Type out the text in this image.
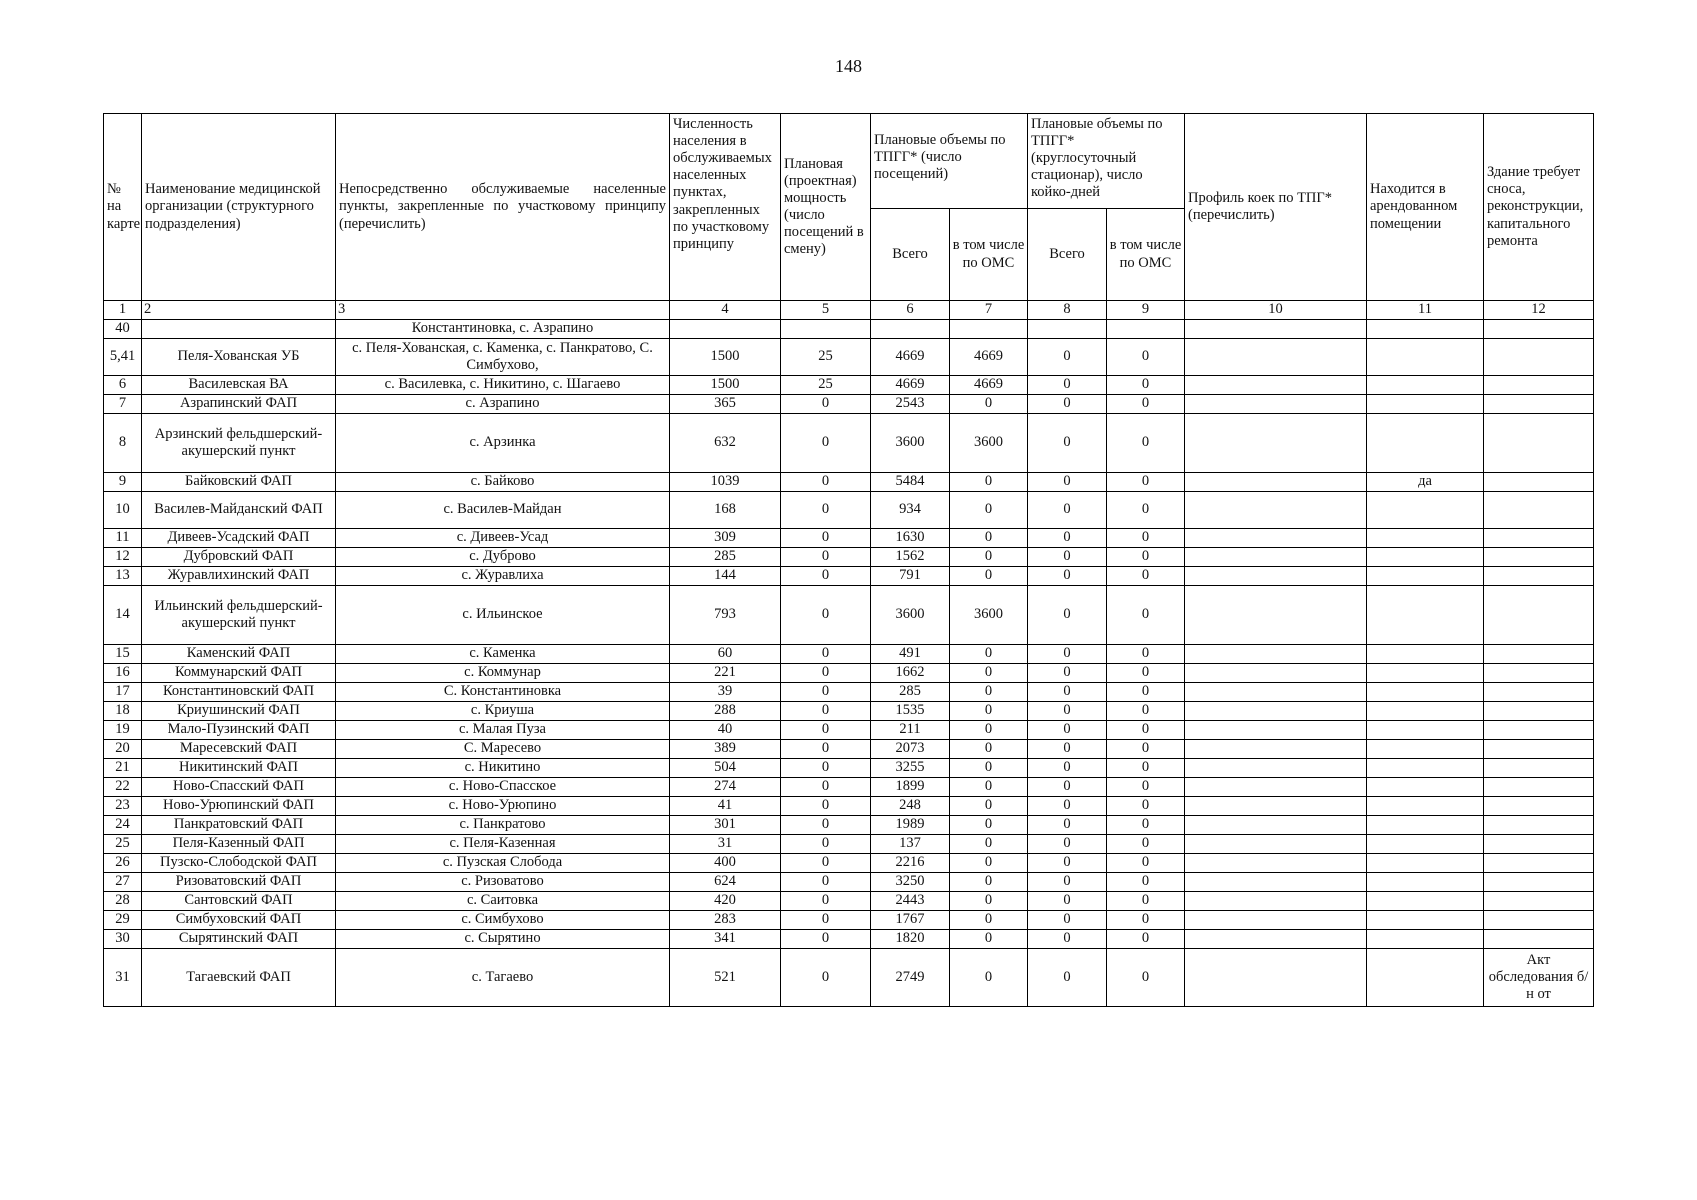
148
№ на карте	Наименование медицинской организации (структурного подразделения)	Непосредственно обслуживаемые населенные пункты, закрепленные по участковому принципу (перечислить)	Численность населения в обслуживаемых населенных пунктах, закрепленных по участковому принципу	Плановая (проектная) мощность (число посещений в смену)	Плановые объемы по ТПГГ* (число посещений)		Плановые объемы по ТПГГ* (круглосуточный стационар), число койко-дней		Профиль коек по ТПГ* (перечислить)	Находится в арендованном помещении	Здание требует сноса, реконструкции, капитального ремонта
					Всего	в том числе по ОМС	Всего	в том числе по ОМС			
1	2	3	4	5	6	7	8	9	10	11	12
40		Константиновка, с. Азрапино									
5,41	Пеля-Хованская УБ	с. Пеля-Хованская, с. Каменка, с. Панкратово, С. Симбухово,	1500	25	4669	4669	0	0			
6	Василевская ВА	с. Василевка, с. Никитино, с. Шагаево	1500	25	4669	4669	0	0			
7	Азрапинский ФАП	с. Азрапино	365	0	2543	0	0	0			
8	Арзинский фельдшерский-акушерский пункт	с. Арзинка	632	0	3600	3600	0	0			
9	Байковский ФАП	с. Байково	1039	0	5484	0	0	0		да	
10	Василев-Майданский ФАП	с. Василев-Майдан	168	0	934	0	0	0			
11	Дивеев-Усадский ФАП	с. Дивеев-Усад	309	0	1630	0	0	0			
12	Дубровский ФАП	с. Дуброво	285	0	1562	0	0	0			
13	Журавлихинский ФАП	с. Журавлиха	144	0	791	0	0	0			
14	Ильинский фельдшерский-акушерский пункт	с. Ильинское	793	0	3600	3600	0	0			
15	Каменский ФАП	с. Каменка	60	0	491	0	0	0			
16	Коммунарский ФАП	с. Коммунар	221	0	1662	0	0	0			
17	Константиновский ФАП	С. Константиновка	39	0	285	0	0	0			
18	Криушинский ФАП	с. Криуша	288	0	1535	0	0	0			
19	Мало-Пузинский ФАП	с. Малая Пуза	40	0	211	0	0	0			
20	Маресевский ФАП	С. Маресево	389	0	2073	0	0	0			
21	Никитинский ФАП	с. Никитино	504	0	3255	0	0	0			
22	Ново-Спасский ФАП	с. Ново-Спасское	274	0	1899	0	0	0			
23	Ново-Урюпинский ФАП	с. Ново-Урюпино	41	0	248	0	0	0			
24	Панкратовский ФАП	с. Панкратово	301	0	1989	0	0	0			
25	Пеля-Казенный ФАП	с. Пеля-Казенная	31	0	137	0	0	0			
26	Пузско-Слободской ФАП	с. Пузская Слобода	400	0	2216	0	0	0			
27	Ризоватовский ФАП	с. Ризоватово	624	0	3250	0	0	0			
28	Сантовский ФАП	с. Саитовка	420	0	2443	0	0	0			
29	Симбуховский ФАП	с. Симбухово	283	0	1767	0	0	0			
30	Сырятинский ФАП	с. Сырятино	341	0	1820	0	0	0			
31	Тагаевский ФАП	с. Тагаево	521	0	2749	0	0	0			Акт обследования б/н от
